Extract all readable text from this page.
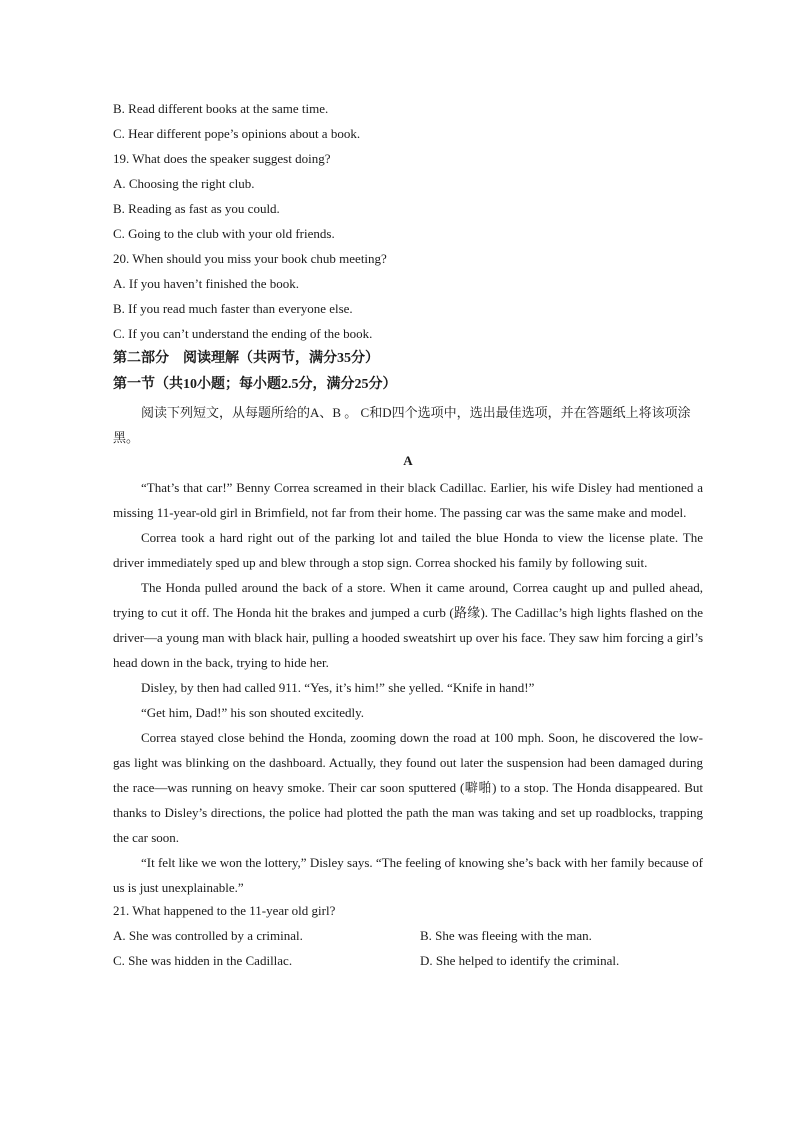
B. Read different books at the same time.
C. Hear different pope’s opinions about a book.
19. What does the speaker suggest doing?
A. Choosing the right club.
B. Reading as fast as you could.
C. Going to the club with your old friends.
20. When should you miss your book chub meeting?
A. If you haven’t finished the book.
B. If you read much faster than everyone else.
C. If you can’t understand the ending of the book.
第二部分　阅读理解（共两节，满分35分）
第一节（共10小题；每小题2.5分，满分25分）
阅读下列短文，从每题所给的A、B 。 C和D四个选项中，选出最佳选项，并在答题纸上将该项涂黑。
A
“That’s that car!” Benny Correa screamed in their black Cadillac. Earlier, his wife Disley had mentioned a missing 11-year-old girl in Brimfield, not far from their home. The passing car was the same make and model.
Correa took a hard right out of the parking lot and tailed the blue Honda to view the license plate. The driver immediately sped up and blew through a stop sign. Correa shocked his family by following suit.
The Honda pulled around the back of a store. When it came around, Correa caught up and pulled ahead, trying to cut it off. The Honda hit the brakes and jumped a curb (路缘). The Cadillac’s high lights flashed on the driver—a young man with black hair, pulling a hooded sweatshirt up over his face. They saw him forcing a girl’s head down in the back, trying to hide her.
Disley, by then had called 911. “Yes, it’s him!” she yelled. “Knife in hand!”
“Get him, Dad!” his son shouted excitedly.
Correa stayed close behind the Honda, zooming down the road at 100 mph. Soon, he discovered the low-gas light was blinking on the dashboard. Actually, they found out later the suspension had been damaged during the race—was running on heavy smoke. Their car soon sputtered (噼啪) to a stop. The Honda disappeared. But thanks to Disley’s directions, the police had plotted the path the man was taking and set up roadblocks, trapping the car soon.
“It felt like we won the lottery,” Disley says. “The feeling of knowing she’s back with her family because of us is just unexplainable.”
21. What happened to the 11-year old girl?
A. She was controlled by a criminal.	B. She was fleeing with the man.
C. She was hidden in the Cadillac.	D. She helped to identify the criminal.
